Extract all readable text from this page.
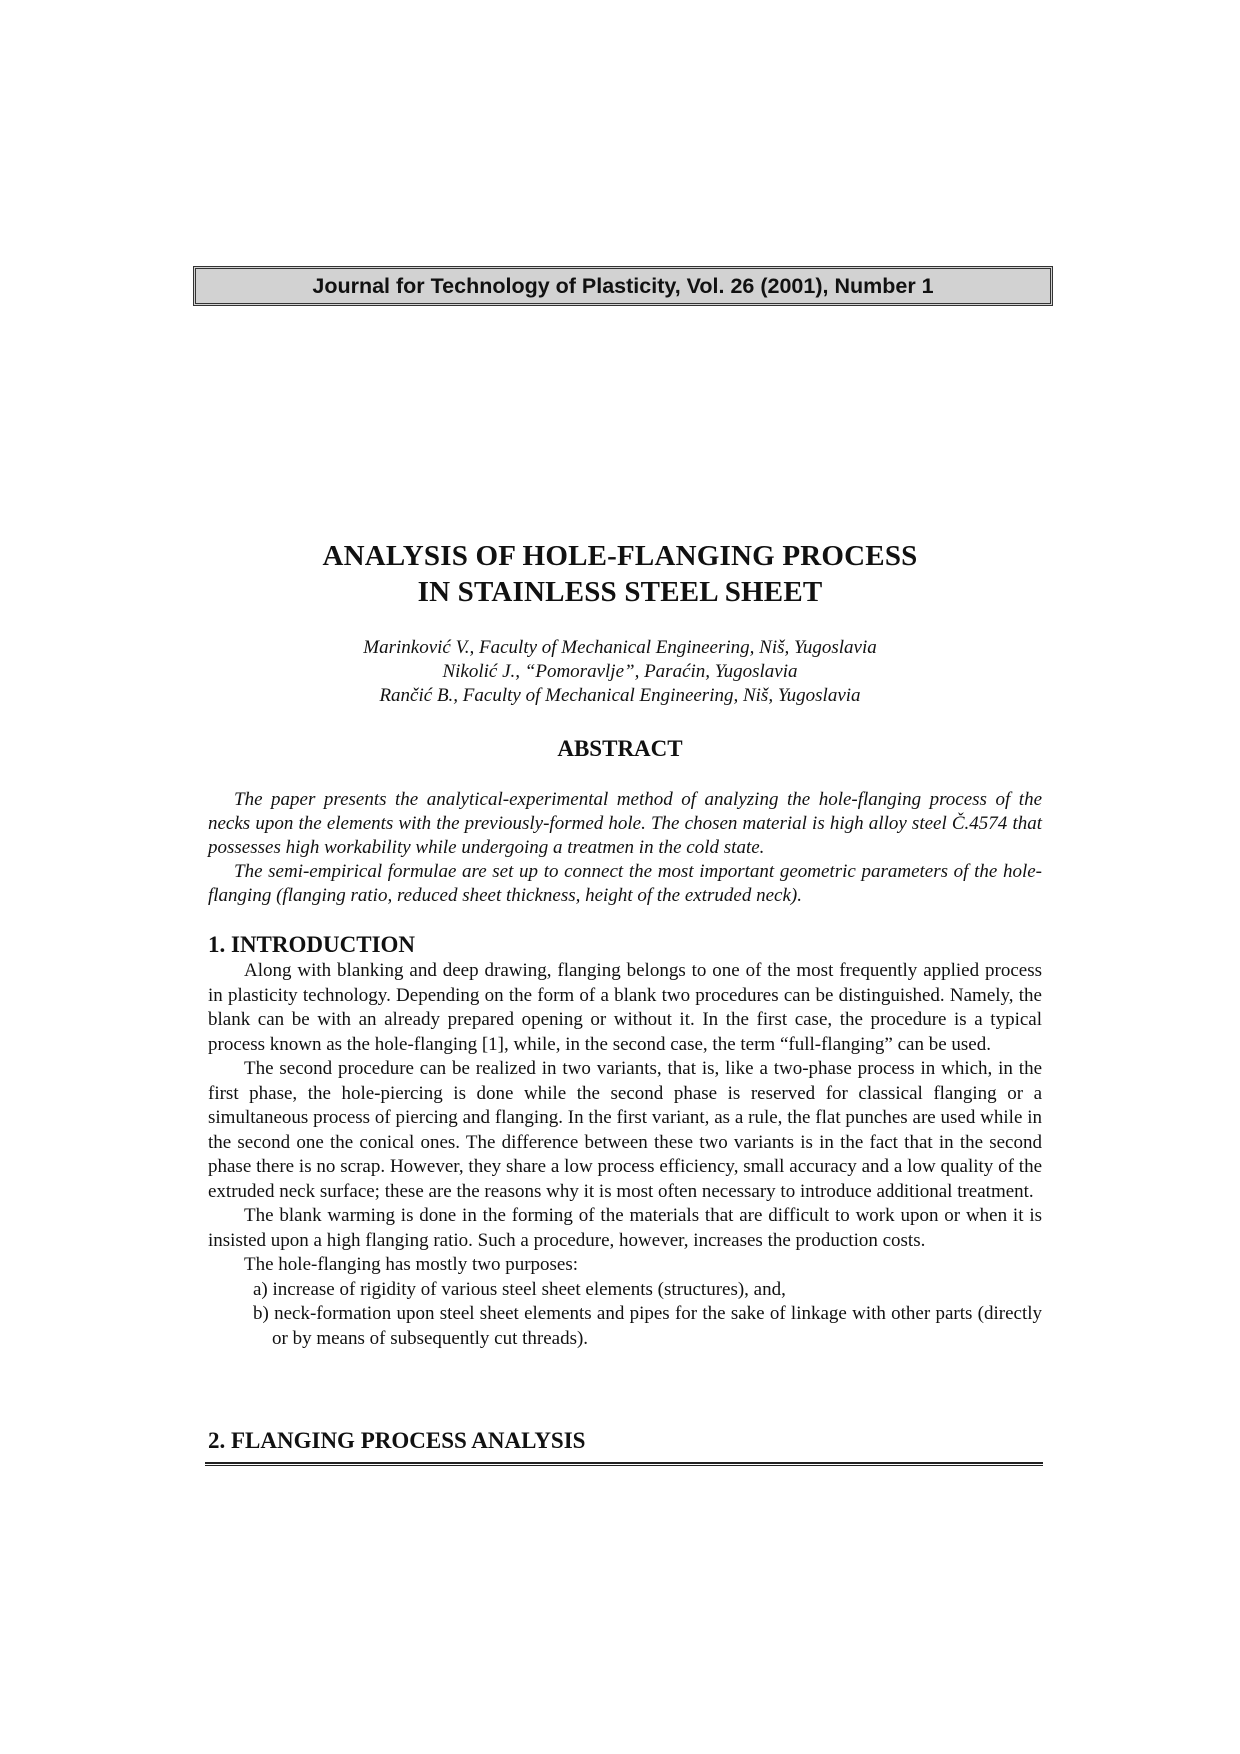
Journal for Technology of Plasticity, Vol. 26 (2001), Number 1
ANALYSIS OF HOLE-FLANGING PROCESS
IN STAINLESS STEEL SHEET
Marinković V., Faculty of Mechanical Engineering, Niš, Yugoslavia
Nikolić J., “Pomoravlje”, Paraćin, Yugoslavia
Rančić B., Faculty of Mechanical Engineering, Niš, Yugoslavia
ABSTRACT

The paper presents the analytical-experimental method of analyzing the hole-flanging process of the necks upon the elements with the previously-formed hole. The chosen material is high alloy steel Č.4574 that possesses high workability while undergoing a treatmen in the cold state.

The semi-empirical formulae are set up to connect the most important geometric parameters of the hole-flanging (flanging ratio, reduced sheet thickness, height of the extruded neck).

1. INTRODUCTION

Along with blanking and deep drawing, flanging belongs to one of the most frequently applied process in plasticity technology. Depending on the form of a blank two procedures can be distinguished. Namely, the blank can be with an already prepared opening or without it. In the first case, the procedure is a typical process known as the hole-flanging [1], while, in the second case, the term “full-flanging” can be used.

The second procedure can be realized in two variants, that is, like a two-phase process in which, in the first phase, the hole-piercing is done while the second phase is reserved for classical flanging or a simultaneous process of piercing and flanging. In the first variant, as a rule, the flat punches are used while in the second one the conical ones. The difference between these two variants is in the fact that in the second phase there is no scrap. However, they share a low process efficiency, small accuracy and a low quality of the extruded neck surface; these are the reasons why it is most often necessary to introduce additional treatment.

The blank warming is done in the forming of the materials that are difficult to work upon or when it is insisted upon a high flanging ratio. Such a procedure, however, increases the production costs.

The hole-flanging has mostly two purposes:

a) increase of rigidity of various steel sheet elements (structures), and,

b) neck-formation upon steel sheet elements and pipes for the sake of linkage with other parts (directly or by means of subsequently cut threads).

2. FLANGING PROCESS ANALYSIS
